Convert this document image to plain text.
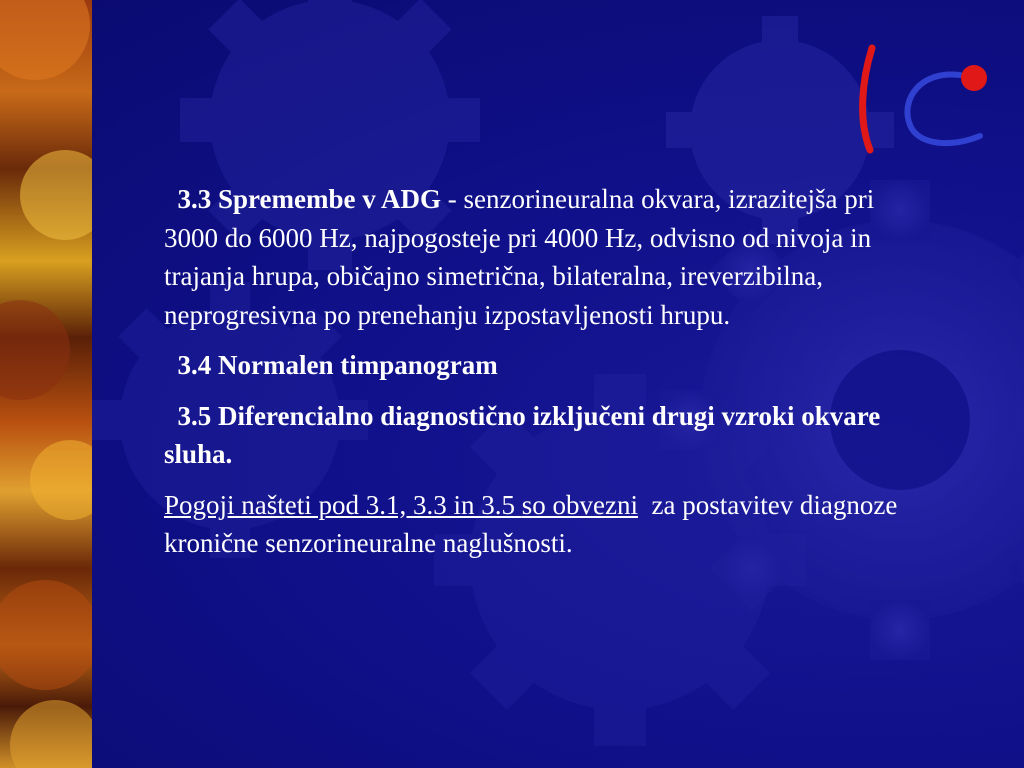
3.3 Spremembe v ADG - senzorineuralna okvara, izrazitejša pri 3000 do 6000 Hz, najpogosteje pri 4000 Hz, odvisno od nivoja in trajanja hrupa, običajno simetrična, bilateralna, ireverzibilna, neprogresivna po prenehanju izpostavljenosti hrupu.

3.4 Normalen timpanogram

3.5 Diferencialno diagnostično izključeni drugi vzroki okvare sluha.

Pogoji našteti pod 3.1, 3.3 in 3.5 so obvezni  za postavitev diagnoze kronične senzorineuralne naglušnosti.
